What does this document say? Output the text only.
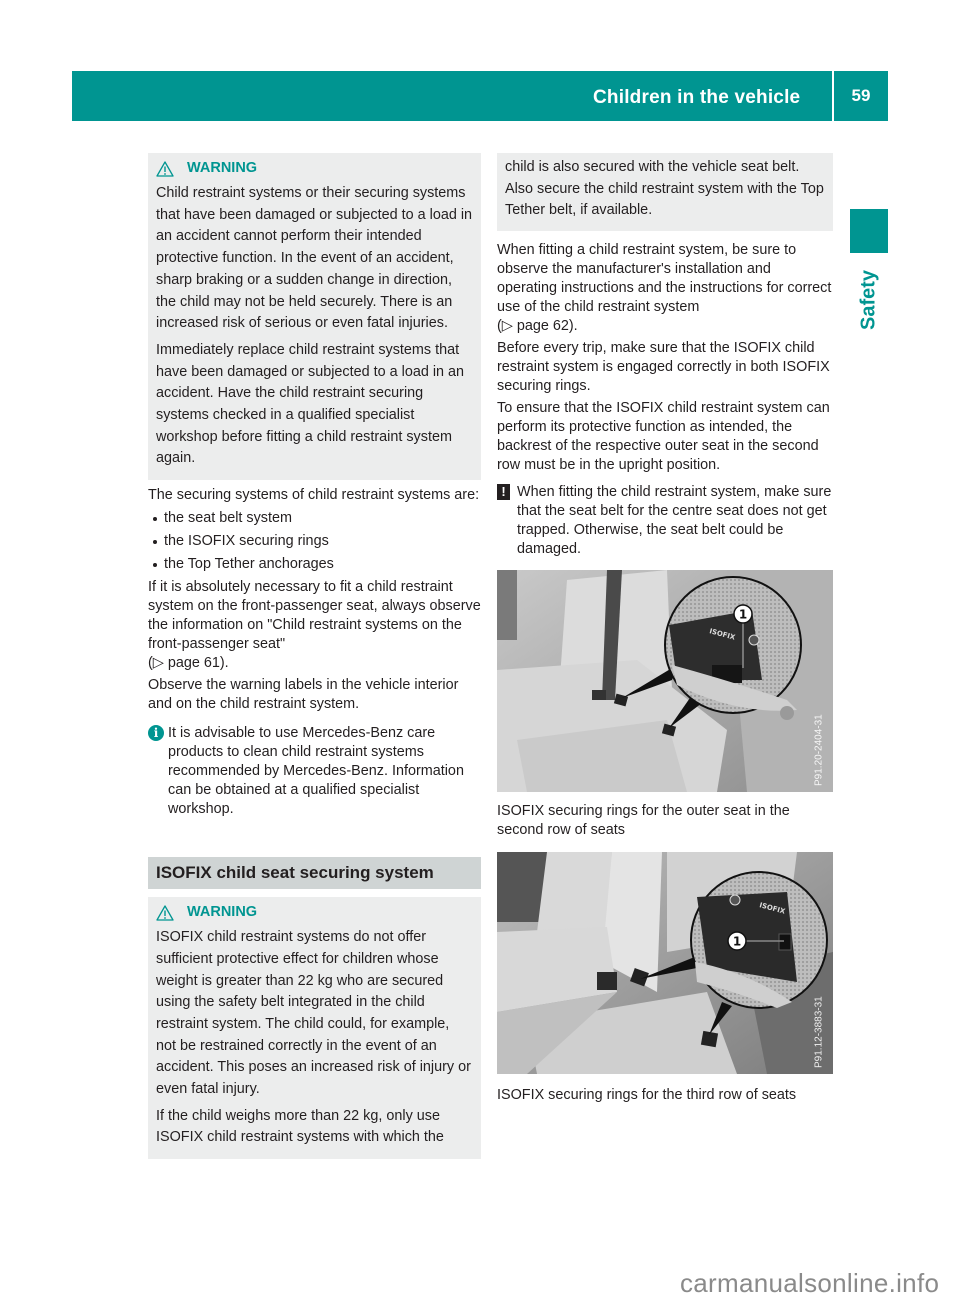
Children in the vehicle	59
Safety
WARNING

Child restraint systems or their securing systems that have been damaged or subjected to a load in an accident cannot perform their intended protective function. In the event of an accident, sharp braking or a sudden change in direction, the child may not be held securely. There is an increased risk of serious or even fatal injuries.

Immediately replace child restraint systems that have been damaged or subjected to a load in an accident. Have the child restraint securing systems checked in a qualified specialist workshop before fitting a child restraint system again.

The securing systems of child restraint systems are:

the seat belt system
the ISOFIX securing rings
the Top Tether anchorages

If it is absolutely necessary to fit a child restraint system on the front-passenger seat, always observe the information on "Child restraint systems on the front-passenger seat"
(▷ page 61).

Observe the warning labels in the vehicle interior and on the child restraint system.

i It is advisable to use Mercedes-Benz care products to clean child restraint systems recommended by Mercedes-Benz. Information can be obtained at a qualified specialist workshop.
ISOFIX child seat securing system
WARNING

ISOFIX child restraint systems do not offer sufficient protective effect for children whose weight is greater than 22 kg who are secured using the safety belt integrated in the child restraint system. The child could, for example, not be restrained correctly in the event of an accident. This poses an increased risk of injury or even fatal injury.

If the child weighs more than 22 kg, only use ISOFIX child restraint systems with which the

child is also secured with the vehicle seat belt. Also secure the child restraint system with the Top Tether belt, if available.

When fitting a child restraint system, be sure to observe the manufacturer's installation and operating instructions and the instructions for correct use of the child restraint system
(▷ page 62).

Before every trip, make sure that the ISOFIX child restraint system is engaged correctly in both ISOFIX securing rings.

To ensure that the ISOFIX child restraint system can perform its protective function as intended, the backrest of the respective outer seat in the second row must be in the upright position.

! When fitting the child restraint system, make sure that the seat belt for the centre seat does not get trapped. Otherwise, the seat belt could be damaged.
ISOFIX
1
P91.20-2404-31

ISOFIX securing rings for the outer seat in the second row of seats

ISOFIX
1
P91.12-3883-31

ISOFIX securing rings for the third row of seats

carmanualsonline.info
